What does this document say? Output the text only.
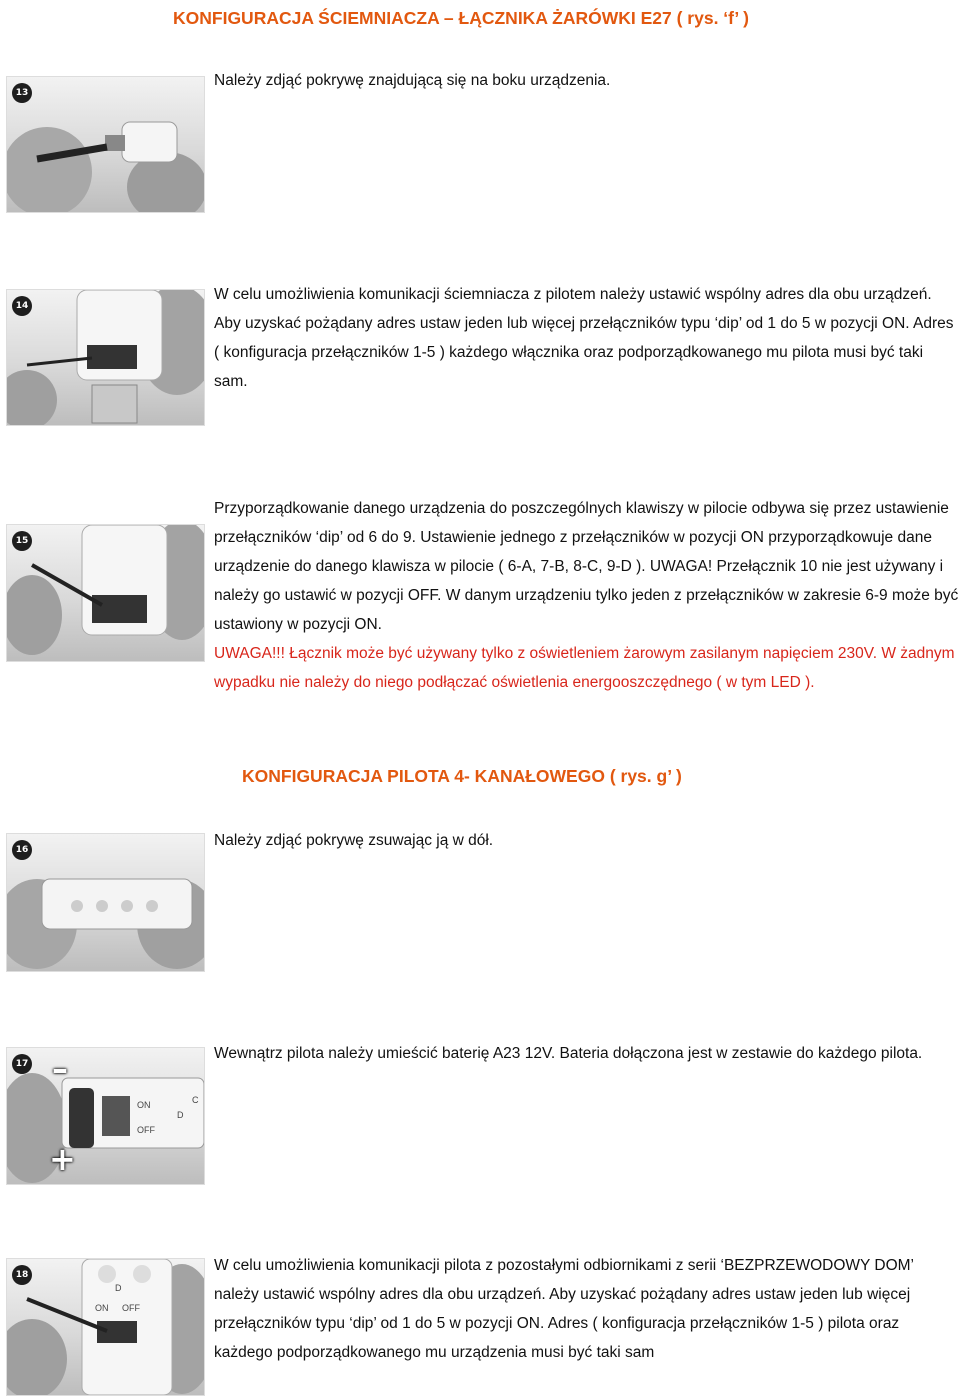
KONFIGURACJA ŚCIEMNIACZA – ŁĄCZNIKA ŻARÓWKI E27 ( rys. ‘f’ )
13
Należy zdjąć pokrywę znajdującą się na boku urządzenia.
14
W celu umożliwienia komunikacji ściemniacza z pilotem należy ustawić wspólny adres dla obu urządzeń. Aby uzyskać pożądany adres ustaw jeden lub więcej przełączników typu ‘dip’ od 1 do 5 w pozycji ON. Adres ( konfiguracja przełączników 1-5 ) każdego włącznika oraz podporządkowanego mu pilota musi być taki sam.
15
Przyporządkowanie danego urządzenia do poszczególnych klawiszy w pilocie odbywa się przez ustawienie przełączników ‘dip’ od 6 do 9. Ustawienie jednego z przełączników w pozycji ON przyporządkowuje dane urządzenie do danego klawisza w pilocie ( 6-A, 7-B, 8-C, 9-D ). UWAGA! Przełącznik 10 nie jest używany i należy go ustawić w pozycji OFF. W danym urządzeniu tylko jeden z przełączników w zakresie 6-9 może być ustawiony w pozycji ON.
UWAGA!!! Łącznik może być używany tylko z oświetleniem żarowym zasilanym napięciem 230V. W żadnym wypadku nie należy do niego podłączać oświetlenia energooszczędnego ( w tym LED ).
KONFIGURACJA PILOTA 4- KANAŁOWEGO ( rys. g’ )
16
Należy zdjąć pokrywę zsuwając ją w dół.
17 –
+
ON
OFF
D
C
Wewnątrz pilota należy umieścić baterię A23 12V. Bateria dołączona jest w zestawie do każdego pilota.
18
ON OFF
D
W celu umożliwienia komunikacji pilota z pozostałymi odbiornikami z serii ‘BEZPRZEWODOWY DOM’ należy ustawić wspólny adres dla obu urządzeń. Aby uzyskać pożądany adres ustaw jeden lub więcej przełączników typu ‘dip’ od 1 do 5 w pozycji ON. Adres ( konfiguracja przełączników 1-5 ) pilota oraz każdego podporządkowanego mu urządzenia musi być taki sam
